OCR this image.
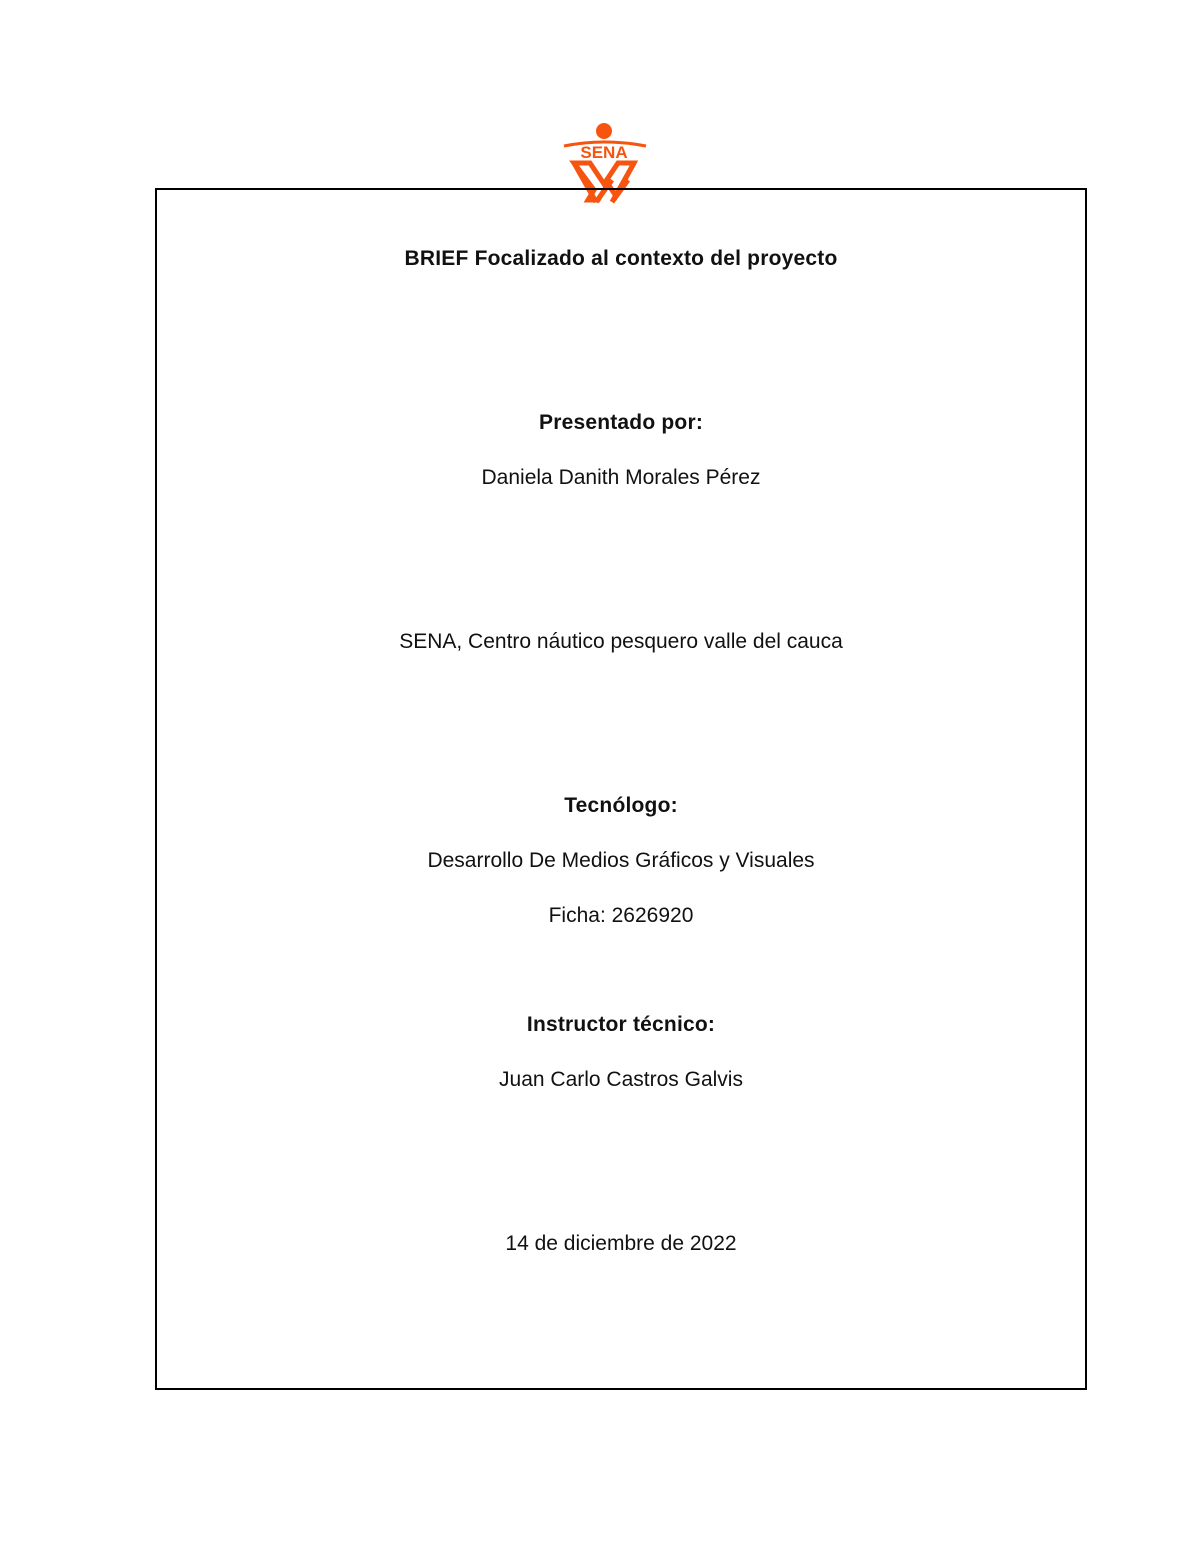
SENA
BRIEF Focalizado al contexto del proyecto
Presentado por:
Daniela Danith Morales Pérez
SENA, Centro náutico pesquero valle del cauca
Tecnólogo:
Desarrollo De Medios Gráficos y Visuales
Ficha: 2626920
Instructor técnico:
Juan Carlo Castros Galvis
14 de diciembre de 2022
